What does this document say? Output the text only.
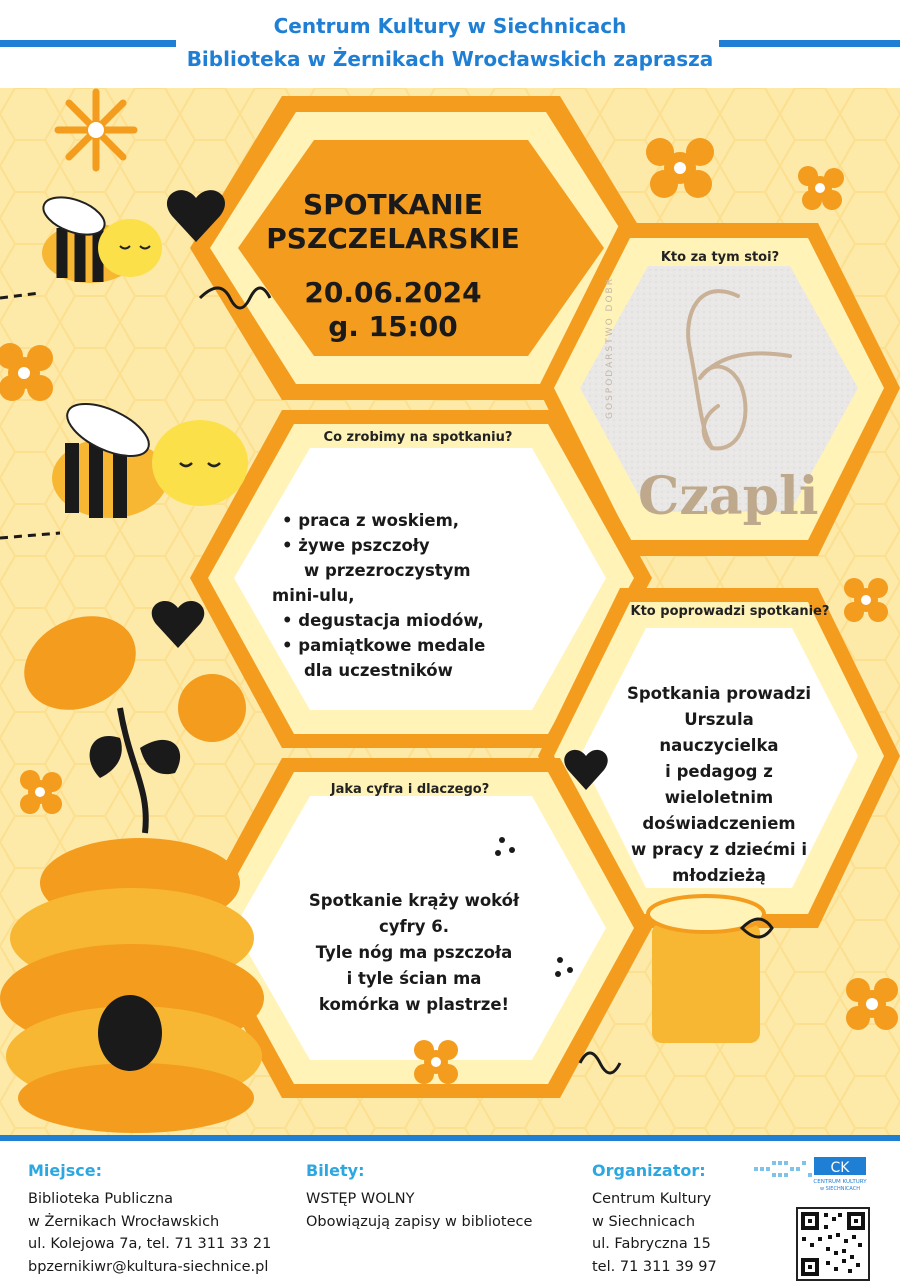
Centrum Kultury w Siechnicach
Biblioteka w Żernikach Wrocławskich zaprasza
SPOTKANIE
PSZCZELARSKIE
20.06.2024
g. 15:00
Kto za tym stoi?
GOSPODARSTWO DOBR
Czapli
Co zrobimy na spotkaniu?
• praca z woskiem,
• żywe pszczoły
w przezroczystym
mini-ulu,
• degustacja miodów,
• pamiątkowe medale
dla uczestników
Kto poprowadzi spotkanie?
Spotkania prowadzi
Urszula
nauczycielka
i pedagog z
wieloletnim
doświadczeniem
w pracy z dziećmi i
młodzieżą
Jaka cyfra i dlaczego?
Spotkanie krąży wokół
cyfry 6.
Tyle nóg ma pszczoła
i tyle ścian ma
komórka w plastrze!
Miejsce:
Biblioteka Publiczna
w Żernikach Wrocławskich
ul. Kolejowa 7a, tel. 71 311 33 21
bpzernikiwr@kultura-siechnice.pl
Bilety:
WSTĘP WOLNY
Obowiązują zapisy w bibliotece
Organizator:
Centrum Kultury
w Siechnicach
ul. Fabryczna 15
tel. 71 311 39 97
CK
CENTRUM KULTURY
w SIECHNICACH
